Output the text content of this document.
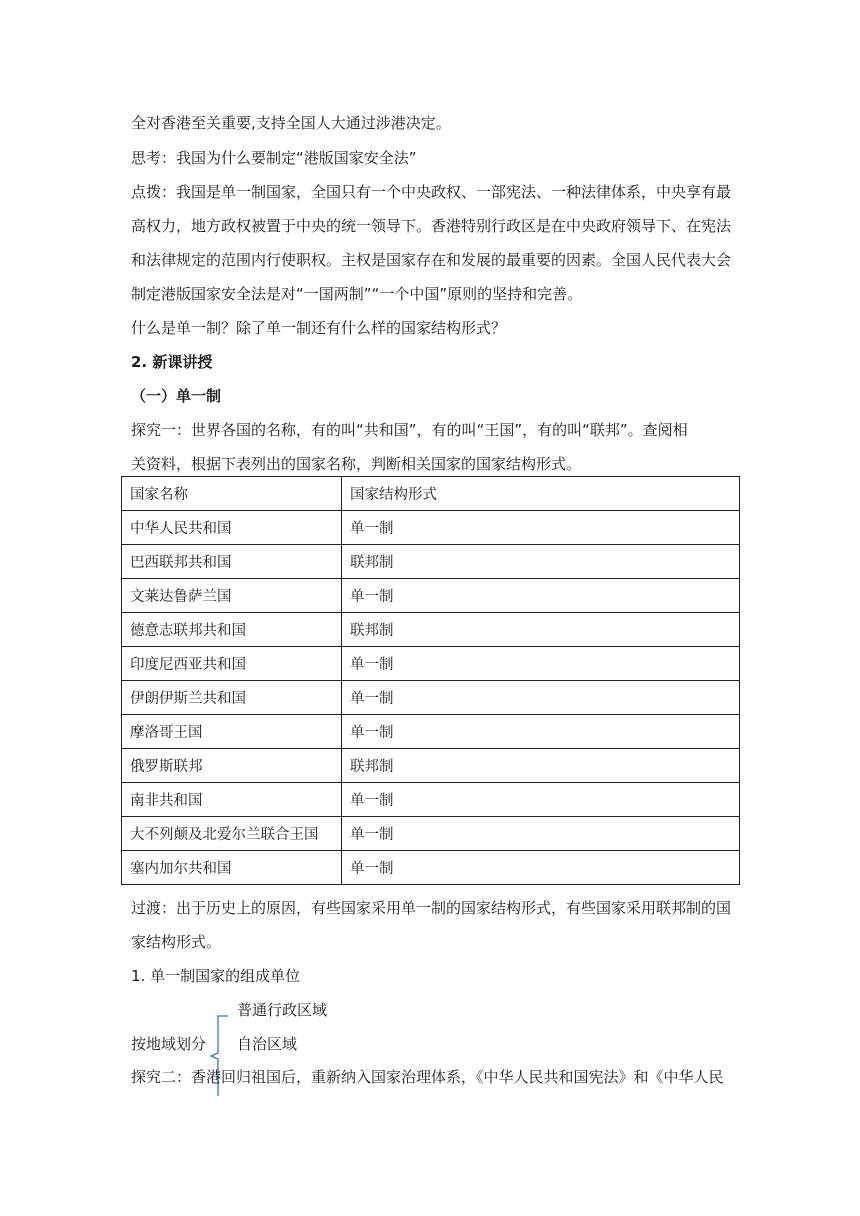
全对香港至关重要,支持全国人大通过涉港决定。
思考：我国为什么要制定“港版国家安全法”
点拨：我国是单一制国家，全国只有一个中央政权、一部宪法、一种法律体系，中央享有最
高权力，地方政权被置于中央的统一领导下。香港特别行政区是在中央政府领导下、在宪法
和法律规定的范围内行使职权。主权是国家存在和发展的最重要的因素。全国人民代表大会
制定港版国家安全法是对“一国两制”“一个中国”原则的坚持和完善。
什么是单一制？除了单一制还有什么样的国家结构形式？
2. 新课讲授
（一）单一制
探究一：世界各国的名称，有的叫“共和国”，有的叫“王国”，有的叫“联邦”。查阅相
关资料，根据下表列出的国家名称，判断相关国家的国家结构形式。
国家名称	国家结构形式
中华人民共和国	单一制
巴西联邦共和国	联邦制
文莱达鲁萨兰国	单一制
德意志联邦共和国	联邦制
印度尼西亚共和国	单一制
伊朗伊斯兰共和国	单一制
摩洛哥王国	单一制
俄罗斯联邦	联邦制
南非共和国	单一制
大不列颠及北爱尔兰联合王国	单一制
塞内加尔共和国	单一制
过渡：出于历史上的原因，有些国家采用单一制的国家结构形式，有些国家采用联邦制的国
家结构形式。
1. 单一制国家的组成单位
普通行政区域
按地域划分 自治区域
探究二：香港回归祖国后，重新纳入国家治理体系，《中华人民共和国宪法》和《中华人民
